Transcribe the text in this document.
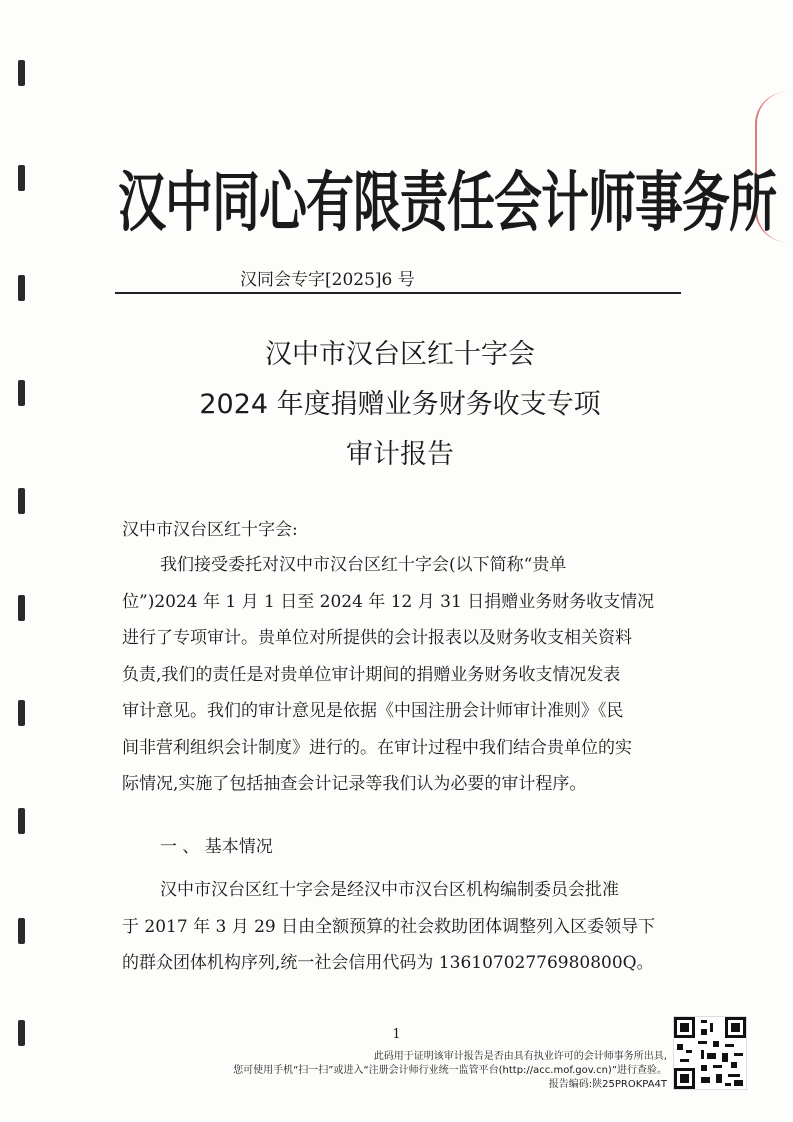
汉中同心有限责任会计师事务所
汉同会专字[2025]6 号
汉中市汉台区红十字会
2024 年度捐赠业务财务收支专项
审计报告
汉中市汉台区红十字会:

我们接受委托对汉中市汉台区红十字会(以下简称“贵单

位”)2024 年 1 月 1 日至 2024 年 12 月 31 日捐赠业务财务收支情况

进行了专项审计。贵单位对所提供的会计报表以及财务收支相关资料

负责,我们的责任是对贵单位审计期间的捐赠业务财务收支情况发表

审计意见。我们的审计意见是依据《中国注册会计师审计准则》《民

间非营利组织会计制度》进行的。在审计过程中我们结合贵单位的实

际情况,实施了包括抽查会计记录等我们认为必要的审计程序。

一 、 基本情况

汉中市汉台区红十字会是经汉中市汉台区机构编制委员会批准

于 2017 年 3 月 29 日由全额预算的社会救助团体调整列入区委领导下

的群众团体机构序列,统一社会信用代码为 13610702776980800Q。

1
此码用于证明该审计报告是否由具有执业许可的会计师事务所出具,
您可使用手机“扫一扫”或进入“注册会计师行业统一监管平台(http://acc.mof.gov.cn)”进行查验。
报告编码:陕25PROKPA4T
